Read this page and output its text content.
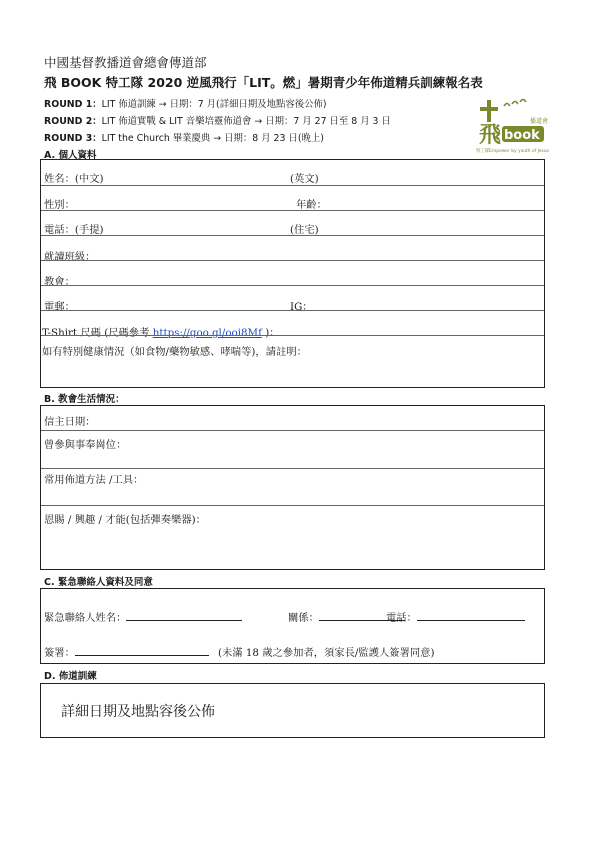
中國基督教播道會總會傳道部
飛 BOOK 特工隊 2020 逆風飛行「LIT。燃」暑期青少年佈道精兵訓練報名表
ROUND 1：LIT 佈道訓練 → 日期：7 月(詳細日期及地點容後公佈)
ROUND 2：LIT 佈道實戰 & LIT 音樂培靈佈道會 → 日期：7 月 27 日至 8 月 3 日
ROUND 3：LIT the Church 畢業慶典 → 日期：8 月 23 日(晚上)	飛 book
播道會
特工隊Empower by youth of Jesus
A. 個人資料
姓名：(中文)	(英文)
性別：	年齡：
電話：(手提)	(住宅)
就讀班級：
教會：
電郵：	IG：
T-Shirt 尺碼 (尺碼參考 https://goo.gl/ooi8Mf )：
如有特別健康情況（如食物/藥物敏感、哮喘等)，請註明：
B. 教會生活情況：
信主日期：
曾參與事奉崗位：
常用佈道方法 /工具：
恩賜 / 興趣 / 才能(包括彈奏樂器)：
C. 緊急聯絡人資料及同意
緊急聯絡人姓名：	關係：	電話：
簽署：	(未滿 18 歲之參加者，須家長/監護人簽署同意)
D. 佈道訓練
詳細日期及地點容後公佈
